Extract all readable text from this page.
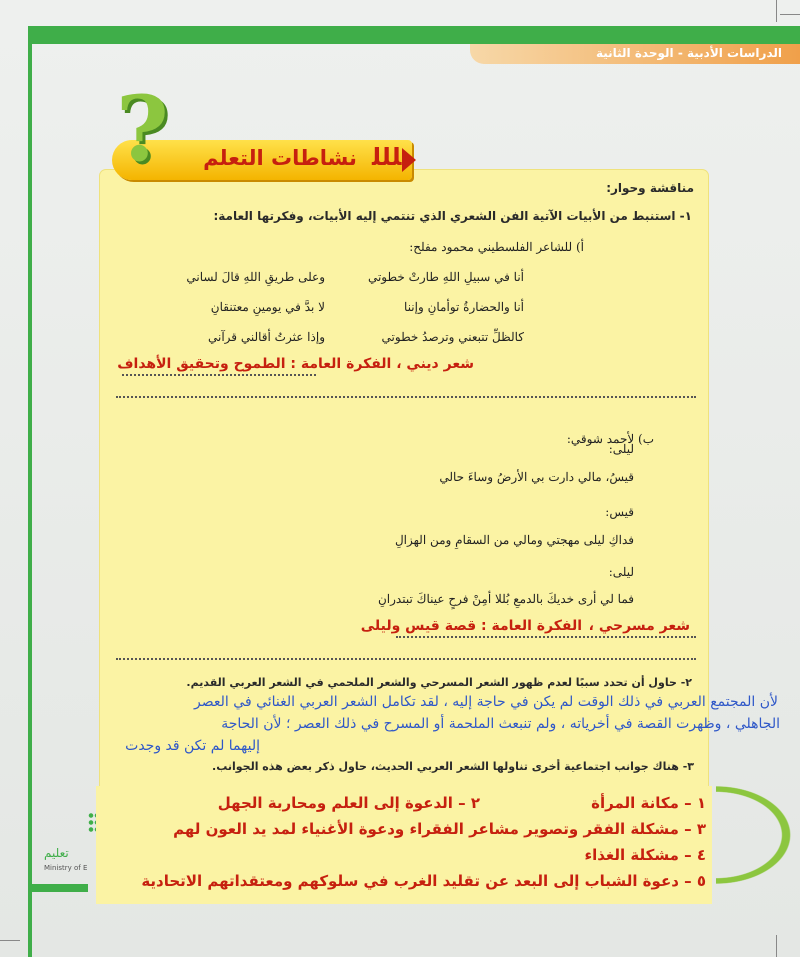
الدراسات الأدبية - الوحدة الثانية
ﻠﻠﻠ
نشاطات التعلم
?
مناقشة وحوار:
١- استنبط من الأبيات الآتية الفن الشعري الذي تنتمي إليه الأبيات، وفكرتها العامة:
أ) للشاعر الفلسطيني محمود مفلح:
أنا في سبيلِ اللهِ طارتْ خطوتي
وعلى طريقِ اللهِ قالَ لساني
أنا والحضارةُ توأمانِ وإننا
لا بدَّ في يومينِ معتنقانِ
كالظلِّ تتبعني وترصدُ خطوتي
وإذا عثرتُ أقالني قرآني
شعر ديني ، الفكرة العامة : الطموح وتحقيق الأهداف
ب) لأحمد شوقي:
ليلى:
قيسُ، مالي دارت بي الأرضُ وساءَ حالي
قيس:
فداكِ ليلى مهجتي ومالي من السقامِ ومن الهزالِ
ليلى:
فما لي أرى خديكَ بالدمعِ بُللا أمِنْ فرحٍ عيناكَ تبتدرانِ
شعر مسرحي ،
الفكرة العامة : قصة قيس وليلى
٢- حاول أن تحدد سببًا لعدم ظهور الشعر المسرحي والشعر الملحمي في الشعر العربي القديم.
لأن المجتمع العربي في ذلك الوقت لم يكن في حاجة إليه ، لقد تكامل الشعر العربي الغنائي في العصر
الجاهلي ، وظهرت القصة في أخرياته ، ولم تنبعث الملحمة أو المسرح في ذلك العصر ؛ لأن الحاجة
إليهما لم تكن قد وجدت
٣- هناك جوانب اجتماعية أخرى تناولها الشعر العربي الحديث، حاول ذكر بعض هذه الجوانب.
١ – مكانة المرأة
٢ – الدعوة إلى العلم ومحاربة الجهل
٣ – مشكلة الفقر وتصوير مشاعر الفقراء ودعوة الأغنياء لمد يد العون لهم
٤ – مشكلة الغذاء
٥ – دعوة الشباب إلى البعد عن تقليد الغرب في سلوكهم ومعتقداتهم الاتحادية
تعليم
Ministry of E
